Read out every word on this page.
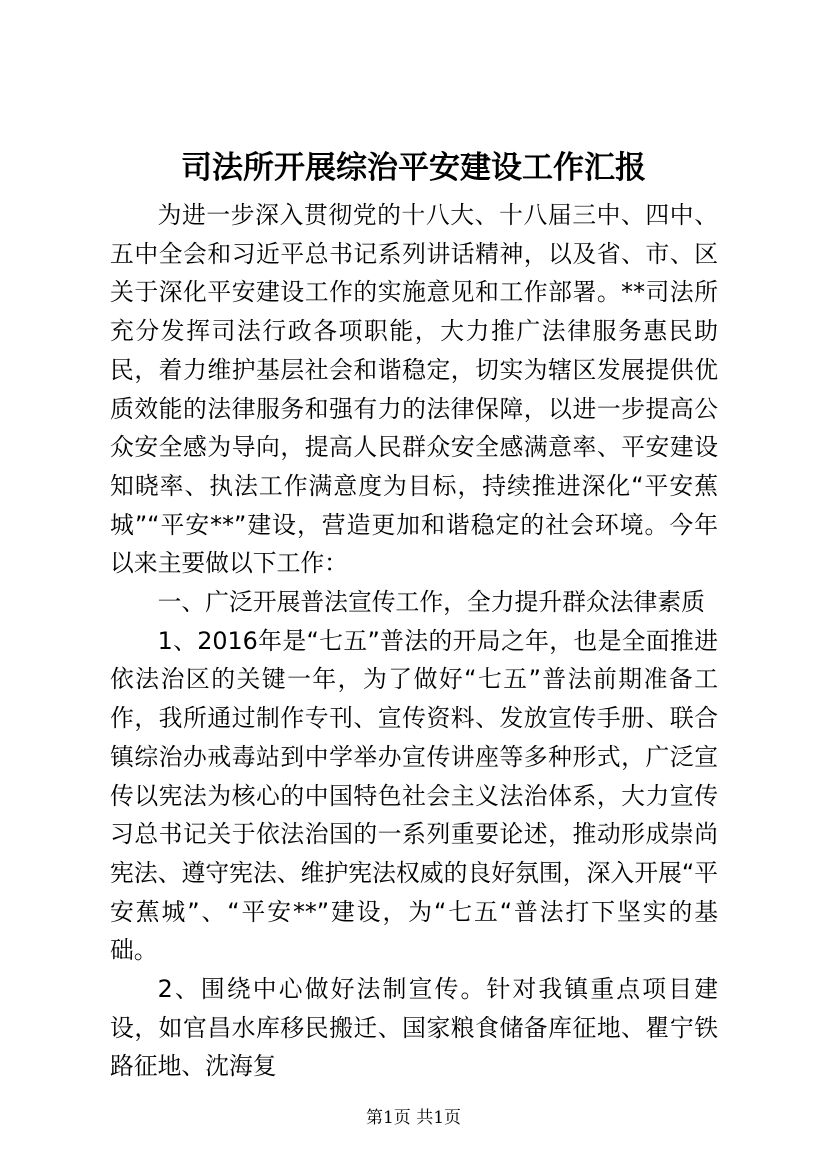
司法所开展综治平安建设工作汇报

为进一步深入贯彻党的十八大、十八届三中、四中、五中全会和习近平总书记系列讲话精神，以及省、市、区关于深化平安建设工作的实施意见和工作部署。**司法所充分发挥司法行政各项职能，大力推广法律服务惠民助民，着力维护基层社会和谐稳定，切实为辖区发展提供优质效能的法律服务和强有力的法律保障，以进一步提高公众安全感为导向，提高人民群众安全感满意率、平安建设知晓率、执法工作满意度为目标，持续推进深化“平安蕉城”“平安**”建设，营造更加和谐稳定的社会环境。今年以来主要做以下工作：

一、广泛开展普法宣传工作，全力提升群众法律素质

1、2016年是“七五”普法的开局之年，也是全面推进依法治区的关键一年，为了做好“七五”普法前期准备工作，我所通过制作专刊、宣传资料、发放宣传手册、联合镇综治办戒毒站到中学举办宣传讲座等多种形式，广泛宣传以宪法为核心的中国特色社会主义法治体系，大力宣传习总书记关于依法治国的一系列重要论述，推动形成崇尚宪法、遵守宪法、维护宪法权威的良好氛围，深入开展“平安蕉城”、“平安**”建设，为“七五“普法打下坚实的基础。

2、围绕中心做好法制宣传。针对我镇重点项目建设，如官昌水库移民搬迁、国家粮食储备库征地、瞿宁铁路征地、沈海复

第1页 共1页
